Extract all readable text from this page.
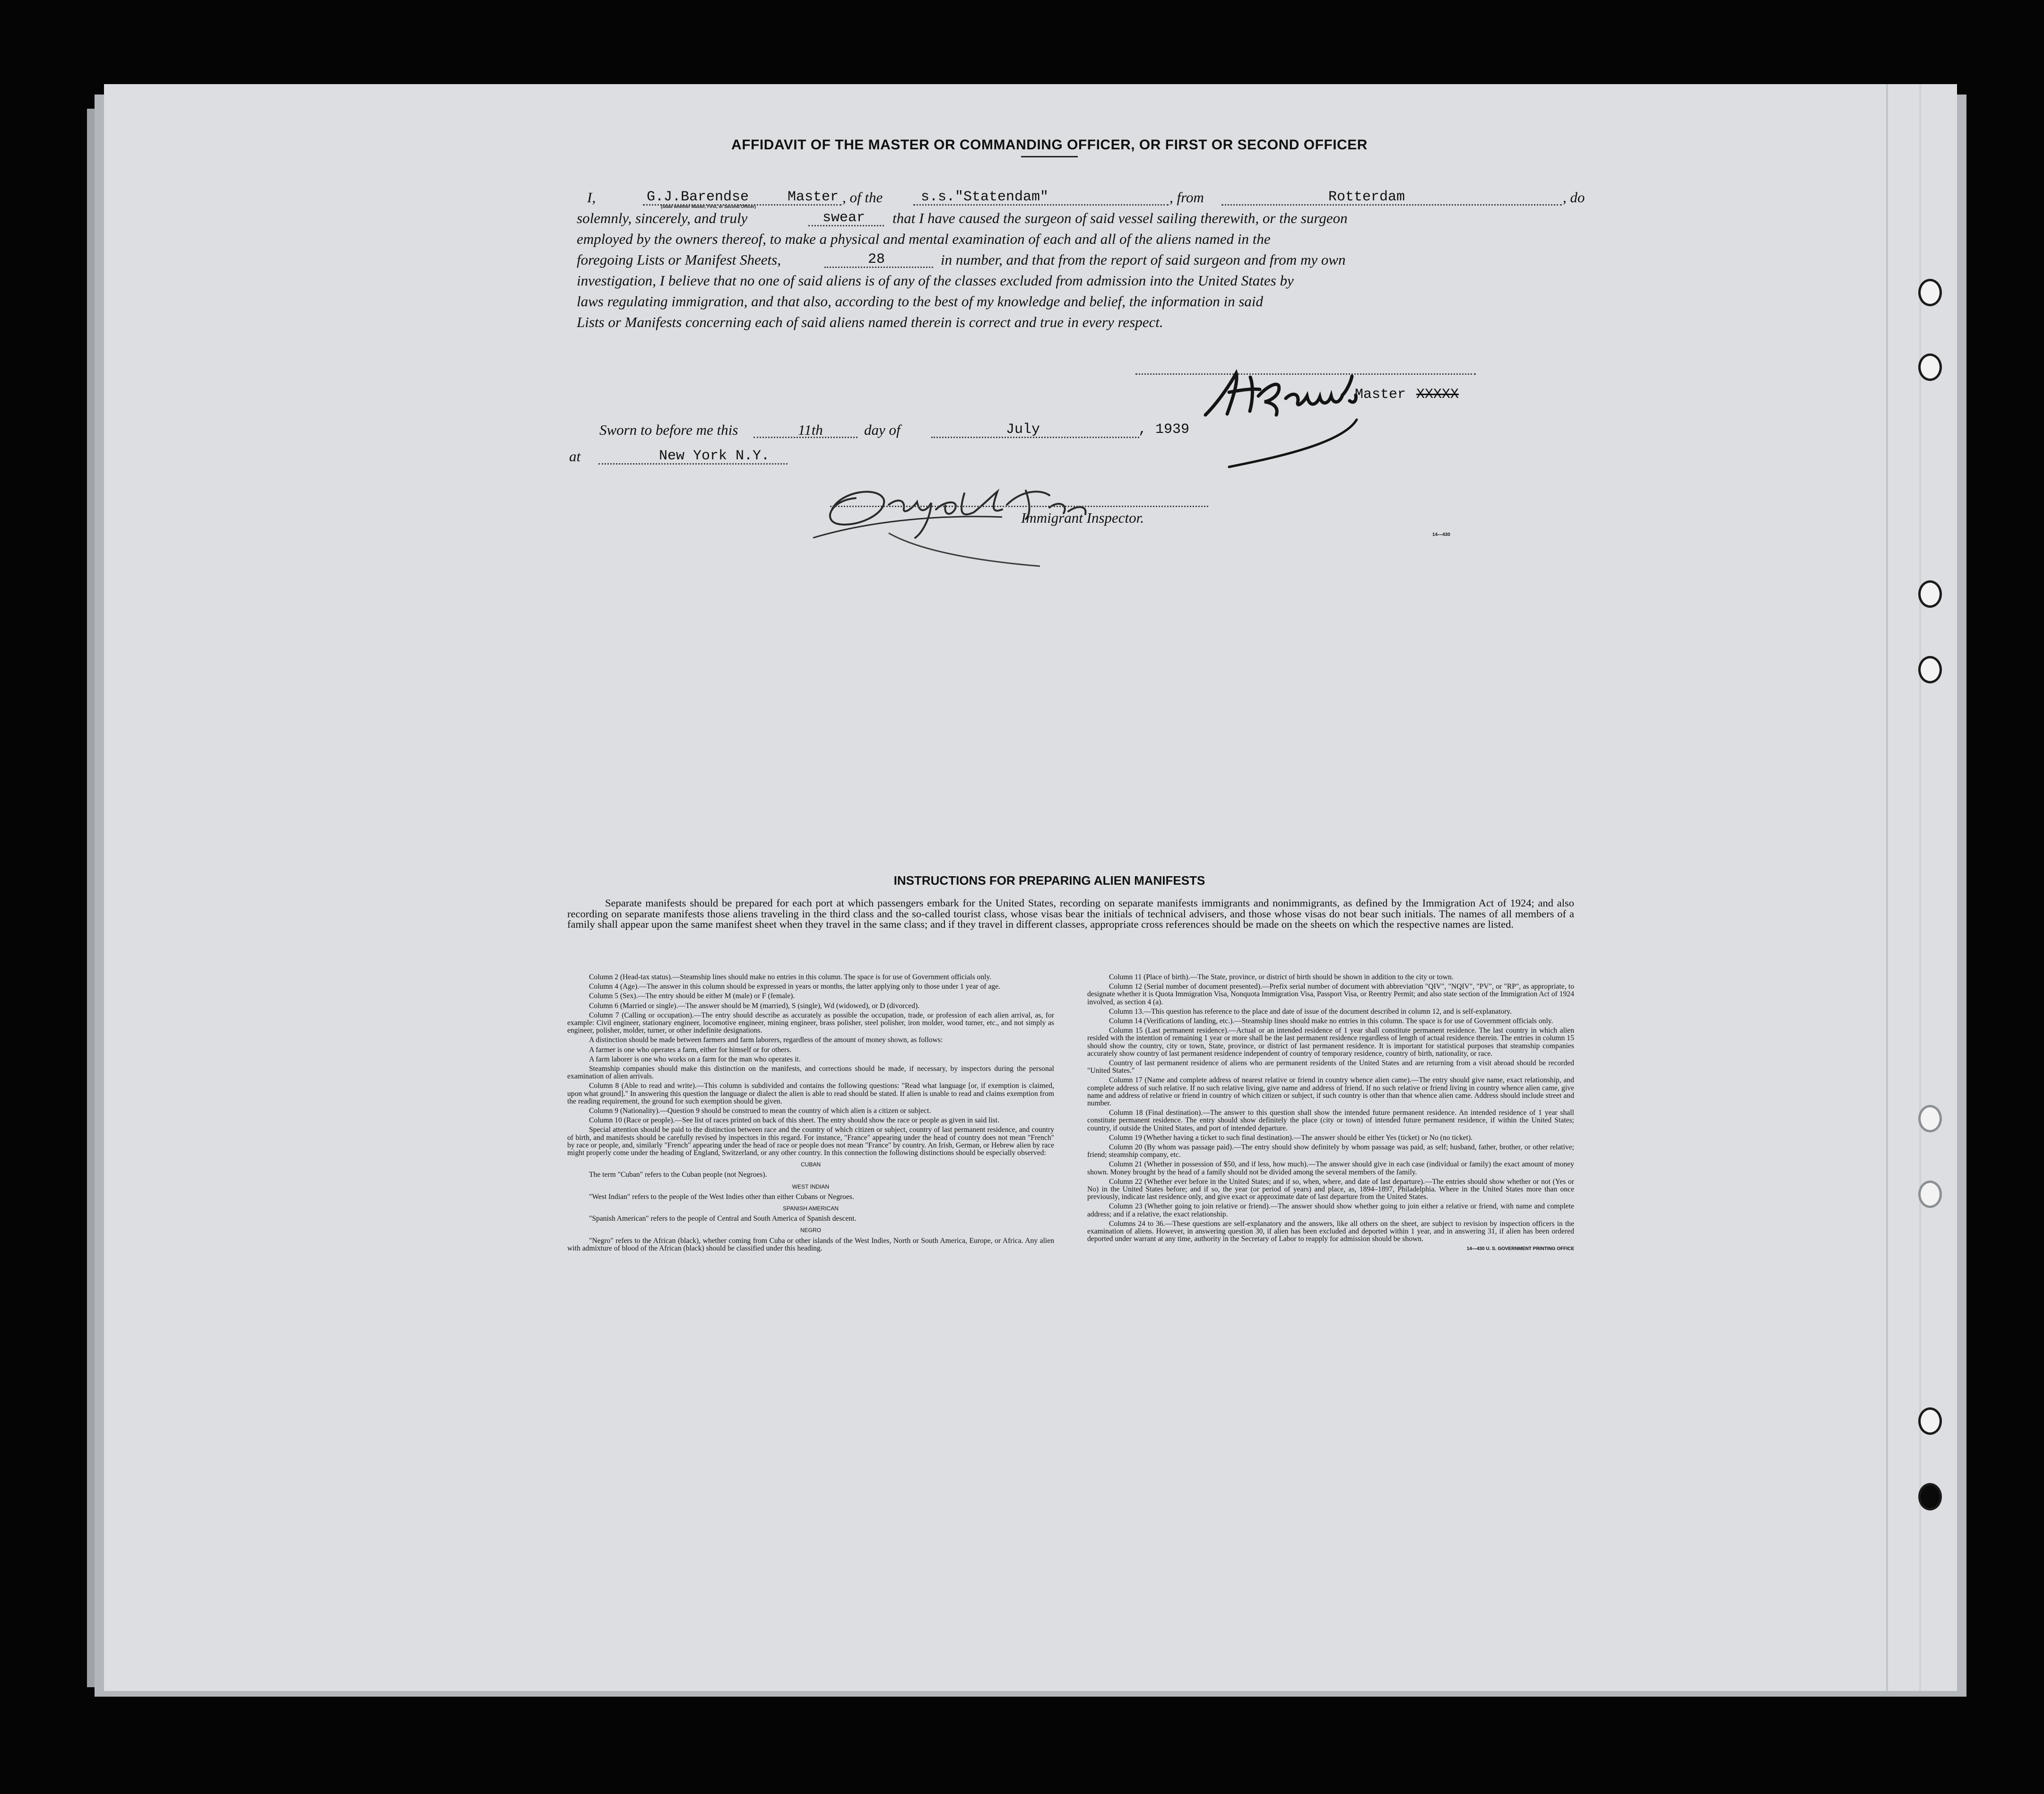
AFFIDAVIT OF THE MASTER OR COMMANDING OFFICER, OR FIRST OR SECOND OFFICER
I,	G.J.Barendse	Master
(State whether Master, First, or Second Officer)
, of the	s.s."Statendam"	, from	Rotterdam	, do
solemnly, sincerely, and truly	swear that I have caused the surgeon of said vessel sailing therewith, or the surgeon
employed by the owners thereof, to make a physical and mental examination of each and all of the aliens named in the
foregoing Lists or Manifest Sheets,	28	in number, and that from the report of said surgeon and from my own
investigation, I believe that no one of said aliens is of any of the classes excluded from admission into the United States by
laws regulating immigration, and that also, according to the best of my knowledge and belief, the information in said
Lists or Manifests concerning each of said aliens named therein is correct and true in every respect.
Master XXXXX
Sworn to before me this	11th	day of	July	, 1939
at	New York N.Y.
Immigrant Inspector.
14—430
INSTRUCTIONS FOR PREPARING ALIEN MANIFESTS
Separate manifests should be prepared for each port at which passengers embark for the United States, recording on separate manifests immigrants and nonimmigrants, as defined by the Immigration Act of 1924; and also recording on separate manifests those aliens traveling in the third class and the so-called tourist class, whose visas bear the initials of technical advisers, and those whose visas do not bear such initials. The names of all members of a family shall appear upon the same manifest sheet when they travel in the same class; and if they travel in different classes, appropriate cross references should be made on the sheets on which the respective names are listed.

Column 2 (Head-tax status).—Steamship lines should make no entries in this column. The space is for use of Government officials only.

Column 4 (Age).—The answer in this column should be expressed in years or months, the latter applying only to those under 1 year of age.

Column 5 (Sex).—The entry should be either M (male) or F (female).

Column 6 (Married or single).—The answer should be M (married), S (single), Wd (widowed), or D (divorced).

Column 7 (Calling or occupation).—The entry should describe as accurately as possible the occupation, trade, or profession of each alien arrival, as, for example: Civil engineer, stationary engineer, locomotive engineer, mining engineer, brass polisher, steel polisher, iron molder, wood turner, etc., and not simply as engineer, polisher, molder, turner, or other indefinite designations.

A distinction should be made between farmers and farm laborers, regardless of the amount of money shown, as follows:

A farmer is one who operates a farm, either for himself or for others.

A farm laborer is one who works on a farm for the man who operates it.

Steamship companies should make this distinction on the manifests, and corrections should be made, if necessary, by inspectors during the personal examination of alien arrivals.

Column 8 (Able to read and write).—This column is subdivided and contains the following questions: "Read what language [or, if exemption is claimed, upon what ground]." In answering this question the language or dialect the alien is able to read should be stated. If alien is unable to read and claims exemption from the reading requirement, the ground for such exemption should be given.

Column 9 (Nationality).—Question 9 should be construed to mean the country of which alien is a citizen or subject.

Column 10 (Race or people).—See list of races printed on back of this sheet. The entry should show the race or people as given in said list.

Special attention should be paid to the distinction between race and the country of which citizen or subject, country of last permanent residence, and country of birth, and manifests should be carefully revised by inspectors in this regard. For instance, "France" appearing under the head of country does not mean "French" by race or people, and, similarly "French" appearing under the head of race or people does not mean "France" by country. An Irish, German, or Hebrew alien by race might properly come under the heading of England, Switzerland, or any other country. In this connection the following distinctions should be especially observed:

CUBAN

The term "Cuban" refers to the Cuban people (not Negroes).

WEST INDIAN

"West Indian" refers to the people of the West Indies other than either Cubans or Negroes.

SPANISH AMERICAN

"Spanish American" refers to the people of Central and South America of Spanish descent.

NEGRO

"Negro" refers to the African (black), whether coming from Cuba or other islands of the West Indies, North or South America, Europe, or Africa. Any alien with admixture of blood of the African (black) should be classified under this heading.

Column 11 (Place of birth).—The State, province, or district of birth should be shown in addition to the city or town.

Column 12 (Serial number of document presented).—Prefix serial number of document with abbreviation "QIV", "NQIV", "PV", or "RP", as appropriate, to designate whether it is Quota Immigration Visa, Nonquota Immigration Visa, Passport Visa, or Reentry Permit; and also state section of the Immigration Act of 1924 involved, as section 4 (a).

Column 13.—This question has reference to the place and date of issue of the document described in column 12, and is self-explanatory.

Column 14 (Verifications of landing, etc.).—Steamship lines should make no entries in this column. The space is for use of Government officials only.

Column 15 (Last permanent residence).—Actual or an intended residence of 1 year shall constitute permanent residence. The last country in which alien resided with the intention of remaining 1 year or more shall be the last permanent residence regardless of length of actual residence therein. The entries in column 15 should show the country, city or town, State, province, or district of last permanent residence. It is important for statistical purposes that steamship companies accurately show country of last permanent residence independent of country of temporary residence, country of birth, nationality, or race.

Country of last permanent residence of aliens who are permanent residents of the United States and are returning from a visit abroad should be recorded "United States."

Column 17 (Name and complete address of nearest relative or friend in country whence alien came).—The entry should give name, exact relationship, and complete address of such relative. If no such relative living, give name and address of friend. If no such relative or friend living in country whence alien came, give name and address of relative or friend in country of which citizen or subject, if such country is other than that whence alien came. Address should include street and number.

Column 18 (Final destination).—The answer to this question shall show the intended future permanent residence. An intended residence of 1 year shall constitute permanent residence. The entry should show definitely the place (city or town) of intended future permanent residence, if within the United States; country, if outside the United States, and port of intended departure.

Column 19 (Whether having a ticket to such final destination).—The answer should be either Yes (ticket) or No (no ticket).

Column 20 (By whom was passage paid).—The entry should show definitely by whom passage was paid, as self; husband, father, brother, or other relative; friend; steamship company, etc.

Column 21 (Whether in possession of $50, and if less, how much).—The answer should give in each case (individual or family) the exact amount of money shown. Money brought by the head of a family should not be divided among the several members of the family.

Column 22 (Whether ever before in the United States; and if so, when, where, and date of last departure).—The entries should show whether or not (Yes or No) in the United States before; and if so, the year (or period of years) and place, as, 1894–1897, Philadelphia. Where in the United States more than once previously, indicate last residence only, and give exact or approximate date of last departure from the United States.

Column 23 (Whether going to join relative or friend).—The answer should show whether going to join either a relative or friend, with name and complete address; and if a relative, the exact relationship.

Columns 24 to 36.—These questions are self-explanatory and the answers, like all others on the sheet, are subject to revision by inspection officers in the examination of aliens. However, in answering question 30, if alien has been excluded and deported within 1 year, and in answering 31, if alien has been ordered deported under warrant at any time, authority in the Secretary of Labor to reapply for admission should be shown.

14—430 U. S. GOVERNMENT PRINTING OFFICE
